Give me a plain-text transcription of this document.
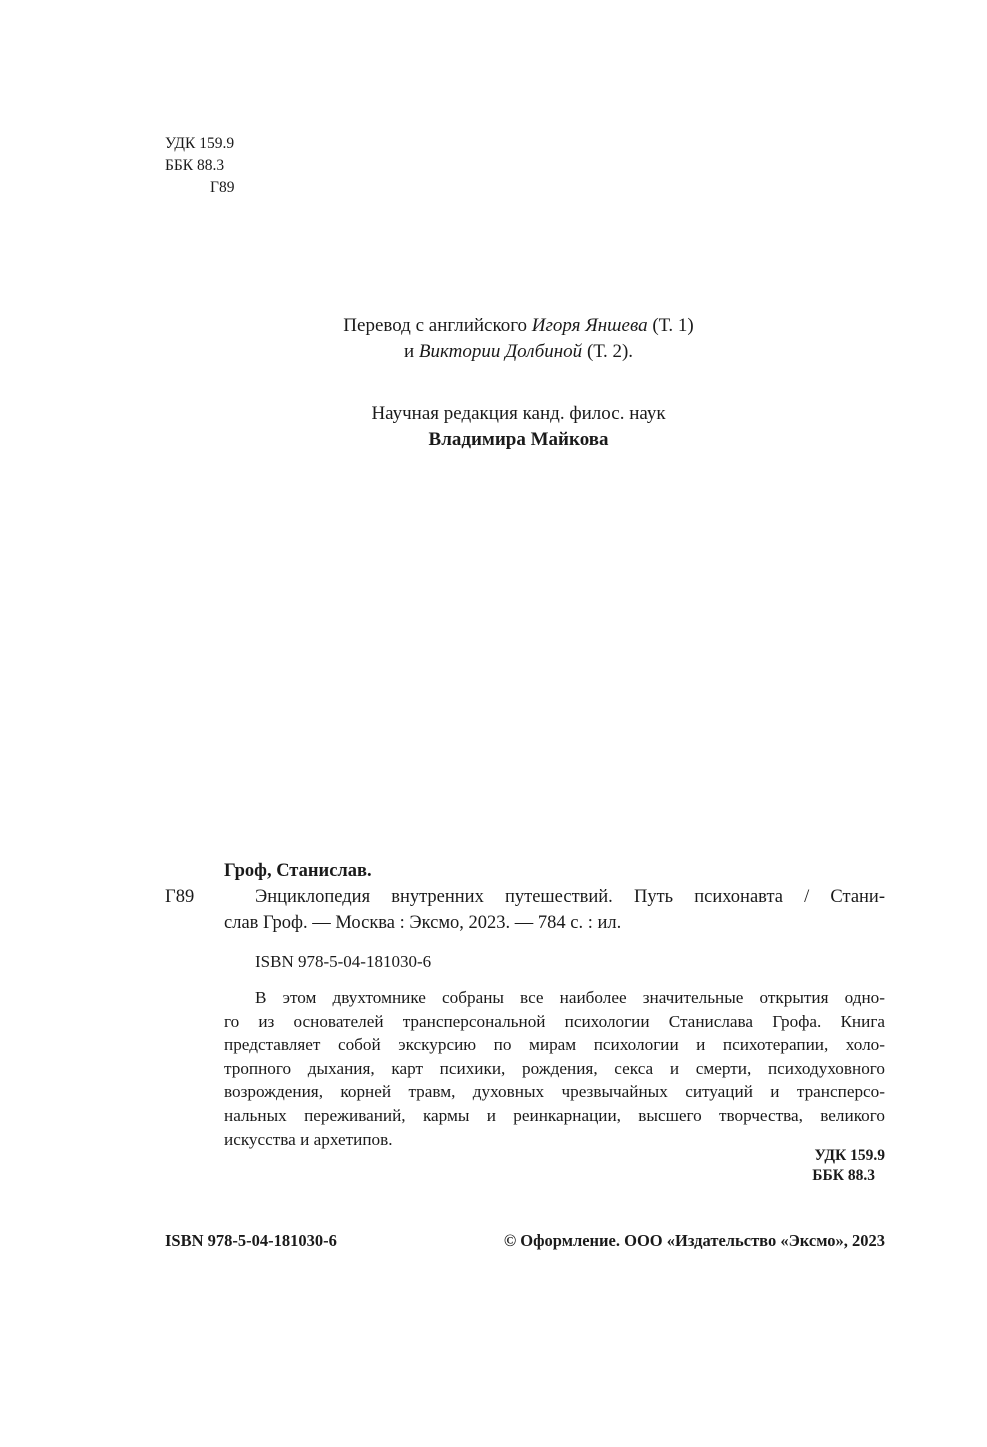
УДК 159.9
ББК 88.3
Г89
Перевод с английского Игоря Яншева (Т. 1)
и Виктории Долбиной (Т. 2).
Научная редакция канд. филос. наук
Владимира Майкова
Гроф, Станислав.
Г89	Энциклопедия внутренних путешествий. Путь психонавта / Стани-
слав Гроф. — Москва : Эксмо, 2023. — 784 с. : ил.
ISBN 978-5-04-181030-6
В этом двухтомнике собраны все наиболее значительные открытия одно-
го из основателей трансперсональной психологии Станислава Грофа. Книга
представляет собой экскурсию по мирам психологии и психотерапии, холо-
тропного дыхания, карт психики, рождения, секса и смерти, психодуховного
возрождения, корней травм, духовных чрезвычайных ситуаций и трансперсо-
нальных переживаний, кармы и реинкарнации, высшего творчества, великого
искусства и архетипов.
УДК 159.9
ББК 88.3
ISBN 978-5-04-181030-6	© Оформление. ООО «Издательство «Эксмо», 2023
